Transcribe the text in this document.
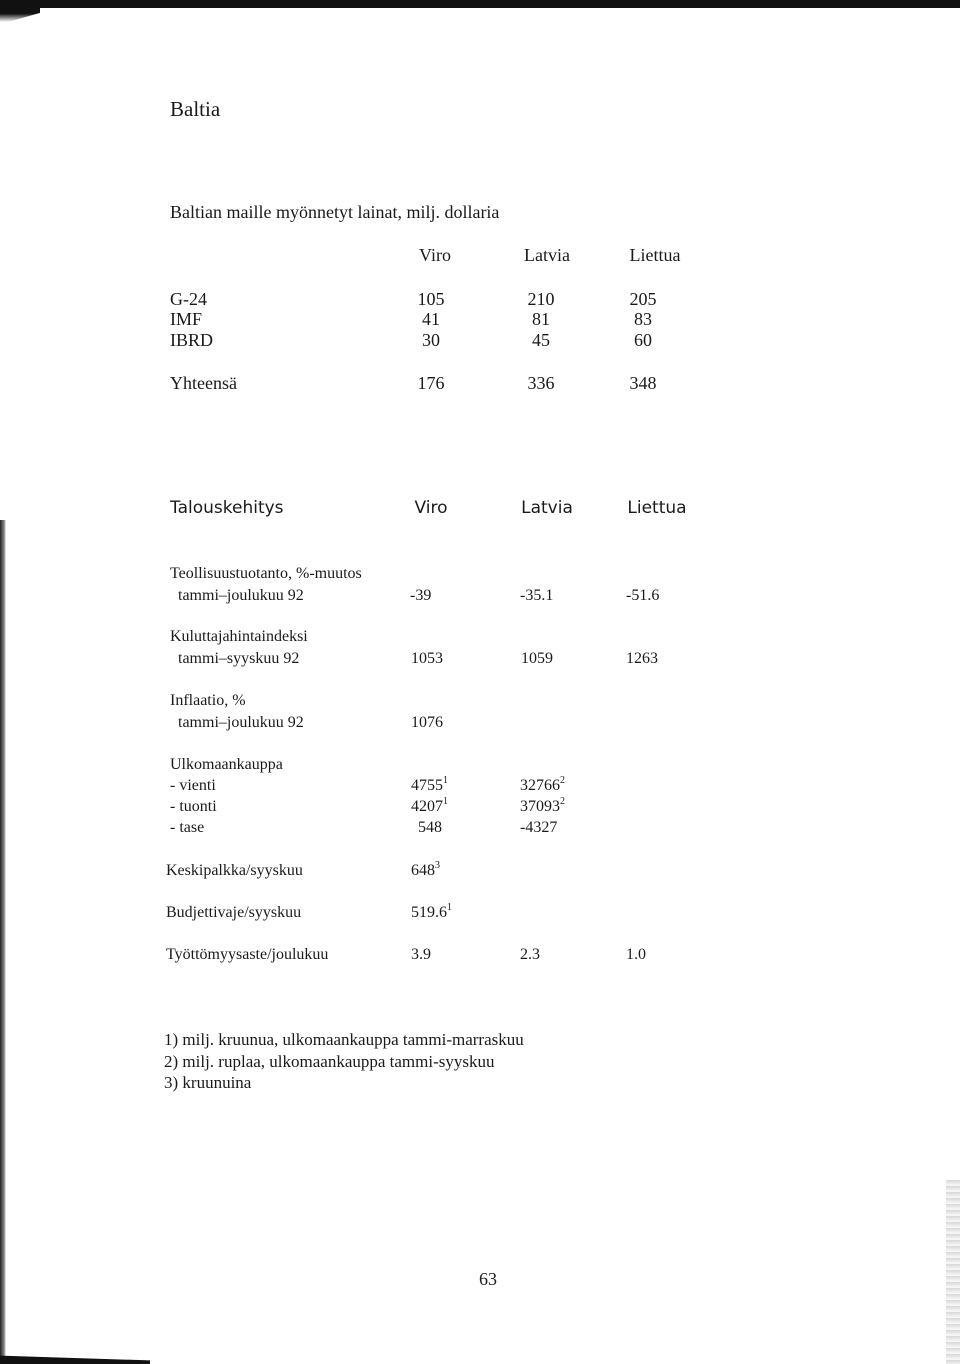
Baltia
Baltian maille myönnetyt lainat, milj. dollaria
Viro	Latvia	Liettua
G-24	105	210	205
IMF	41	81	83
IBRD	30	45	60
Yhteensä	176	336	348
Talouskehitys	Viro	Latvia	Liettua
Teollisuustuotanto, %-muutos
tammi–joulukuu 92	-39	-35.1	-51.6
Kuluttajahintaindeksi
tammi–syyskuu 92	1053	1059	1263
Inflaatio, %
tammi–joulukuu 92	1076
Ulkomaankauppa
- vienti	4755$^1$	32766$^2$
- tuonti	4207$^1$	37093$^2$
- tase	548	-4327
Keskipalkka/syyskuu	$648^3$
Budjettivaje/syyskuu	519.6$^1$
Työttömyysaste/joulukuu	3.9	2.3	1.0
1) milj. kruunua, ulkomaankauppa tammi-marraskuu
2) milj. ruplaa, ulkomaankauppa tammi-syyskuu
3) kruunuina
63
